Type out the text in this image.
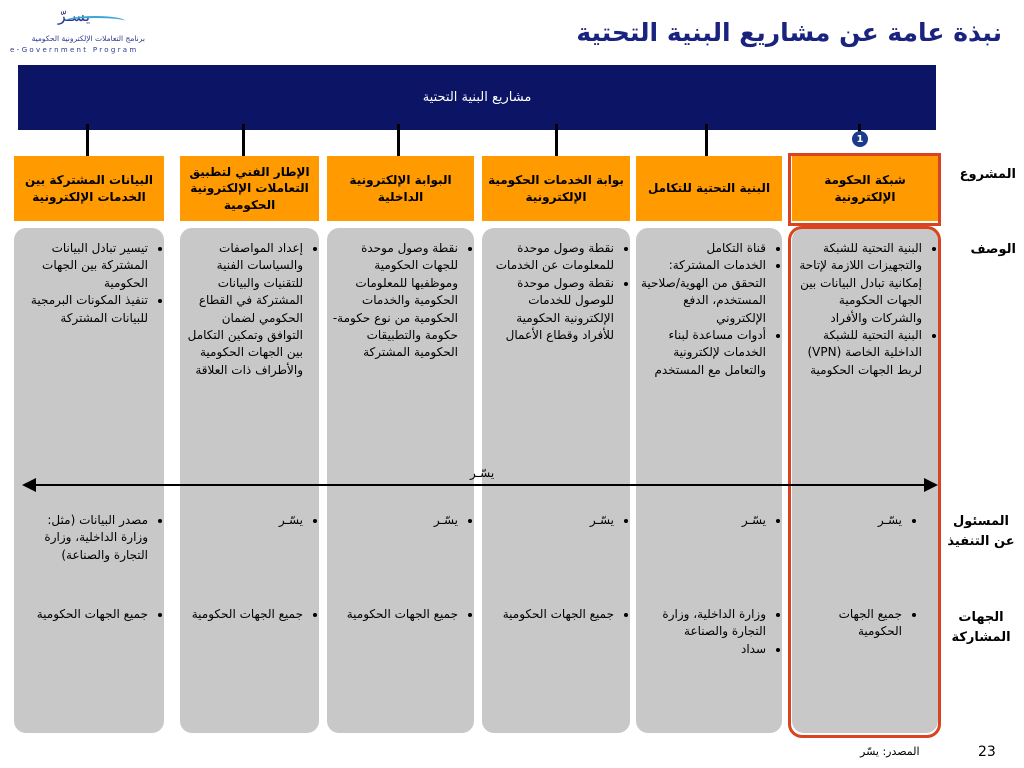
يسـرّ
برنامج التعاملات الإلكترونية الحكومية
e-Government Program
نبذة عامة عن مشاريع البنية التحتية
مشاريع البنية التحتية
1
شبكة الحكومة الإلكترونية
البنية التحتية للتكامل
بوابة الخدمات الحكومية الإلكترونية
البوابة الإلكترونية الداخلية
الإطار الفني لتطبيق التعاملات الإلكترونية الحكومية
البيانات المشتركة بين الخدمات الإلكترونية
المشروع
الوصف
المسئول عن التنفيذ
الجهات المشاركة
• البنية التحتية للشبكة والتجهيزات اللازمة لإتاحة إمكانية تبادل البيانات بين الجهات الحكومية والشركات والأفراد
• البنية التحتية للشبكة الداخلية الخاصة (VPN) لربط الجهات الحكومية
• يسّـر
• جميع الجهات الحكومية
• قناة التكامل
• الخدمات المشتركة: التحقق من الهوية/صلاحية المستخدم، الدفع الإلكتروني
• أدوات مساعدة لبناء الخدمات لإلكترونية والتعامل مع المستخدم
• يسّـر
• وزارة الداخلية، وزارة التجارة والصناعة
• سداد
• نقطة وصول موحدة للمعلومات عن الخدمات
• نقطة وصول موحدة للوصول للخدمات الإلكترونية الحكومية للأفراد وقطاع الأعمال
• يسّـر
• جميع الجهات الحكومية
• نقطة وصول موحدة للجهات الحكومية وموظفيها للمعلومات الحكومية والخدمات الحكومية من نوع حكومة-حكومة والتطبيقات الحكومية المشتركة
• يسّـر
• جميع الجهات الحكومية
• إعداد المواصفات والسياسات الفنية للتقنيات والبيانات المشتركة في القطاع الحكومي لضمان التوافق وتمكين التكامل بين الجهات الحكومية والأطراف ذات العلاقة
• يسّـر
• جميع الجهات الحكومية
• تيسير تبادل البيانات المشتركة بين الجهات الحكومية
• تنفيذ المكونات البرمجية للبيانات المشتركة
• مصدر البيانات (مثل: وزارة الداخلية، وزارة التجارة والصناعة)
• جميع الجهات الحكومية
يسّـر
المصدر: يسّر	23
